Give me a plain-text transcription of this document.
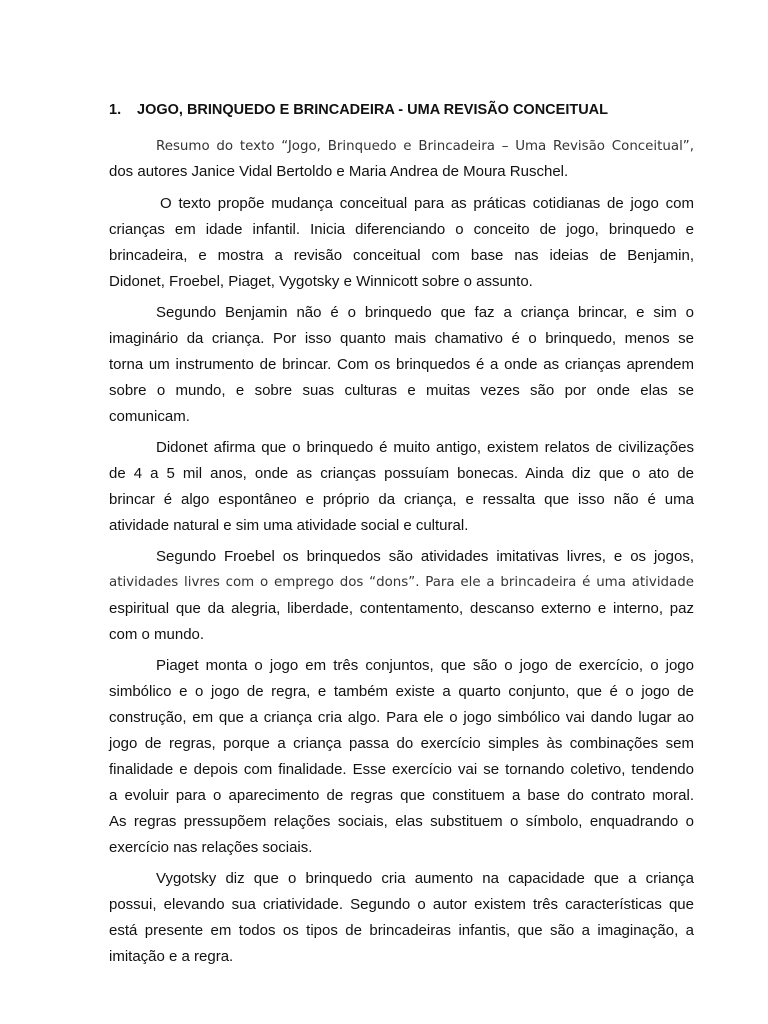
1. JOGO, BRINQUEDO E BRINCADEIRA - UMA REVISÃO CONCEITUAL
Resumo do texto “Jogo, Brinquedo e Brincadeira – Uma Revisão Conceitual”,
dos autores Janice Vidal Bertoldo e Maria Andrea de Moura Ruschel.
O texto propõe mudança conceitual para as práticas cotidianas de jogo com
crianças em idade infantil. Inicia diferenciando o conceito de jogo, brinquedo e
brincadeira, e mostra a revisão conceitual com base nas ideias de Benjamin,
Didonet, Froebel, Piaget, Vygotsky e Winnicott sobre o assunto.
Segundo Benjamin não é o brinquedo que faz a criança brincar, e sim o
imaginário da criança. Por isso quanto mais chamativo é o brinquedo, menos se
torna um instrumento de brincar. Com os brinquedos é a onde as crianças aprendem
sobre o mundo, e sobre suas culturas e muitas vezes são por onde elas se
comunicam.
Didonet afirma que o brinquedo é muito antigo, existem relatos de civilizações
de 4 a 5 mil anos, onde as crianças possuíam bonecas. Ainda diz que o ato de
brincar é algo espontâneo e próprio da criança, e ressalta que isso não é uma
atividade natural e sim uma atividade social e cultural.
Segundo Froebel os brinquedos são atividades imitativas livres, e os jogos,
atividades livres com o emprego dos “dons”. Para ele a brincadeira é uma atividade
espiritual que da alegria, liberdade, contentamento, descanso externo e interno, paz
com o mundo.
Piaget monta o jogo em três conjuntos, que são o jogo de exercício, o jogo
simbólico e o jogo de regra, e também existe a quarto conjunto, que é o jogo de
construção, em que a criança cria algo. Para ele o jogo simbólico vai dando lugar ao
jogo de regras, porque a criança passa do exercício simples às combinações sem
finalidade e depois com finalidade. Esse exercício vai se tornando coletivo, tendendo
a evoluir para o aparecimento de regras que constituem a base do contrato moral.
As regras pressupõem relações sociais, elas substituem o símbolo, enquadrando o
exercício nas relações sociais.
Vygotsky diz que o brinquedo cria aumento na capacidade que a criança
possui, elevando sua criatividade. Segundo o autor existem três características que
está presente em todos os tipos de brincadeiras infantis, que são a imaginação, a
imitação e a regra.
